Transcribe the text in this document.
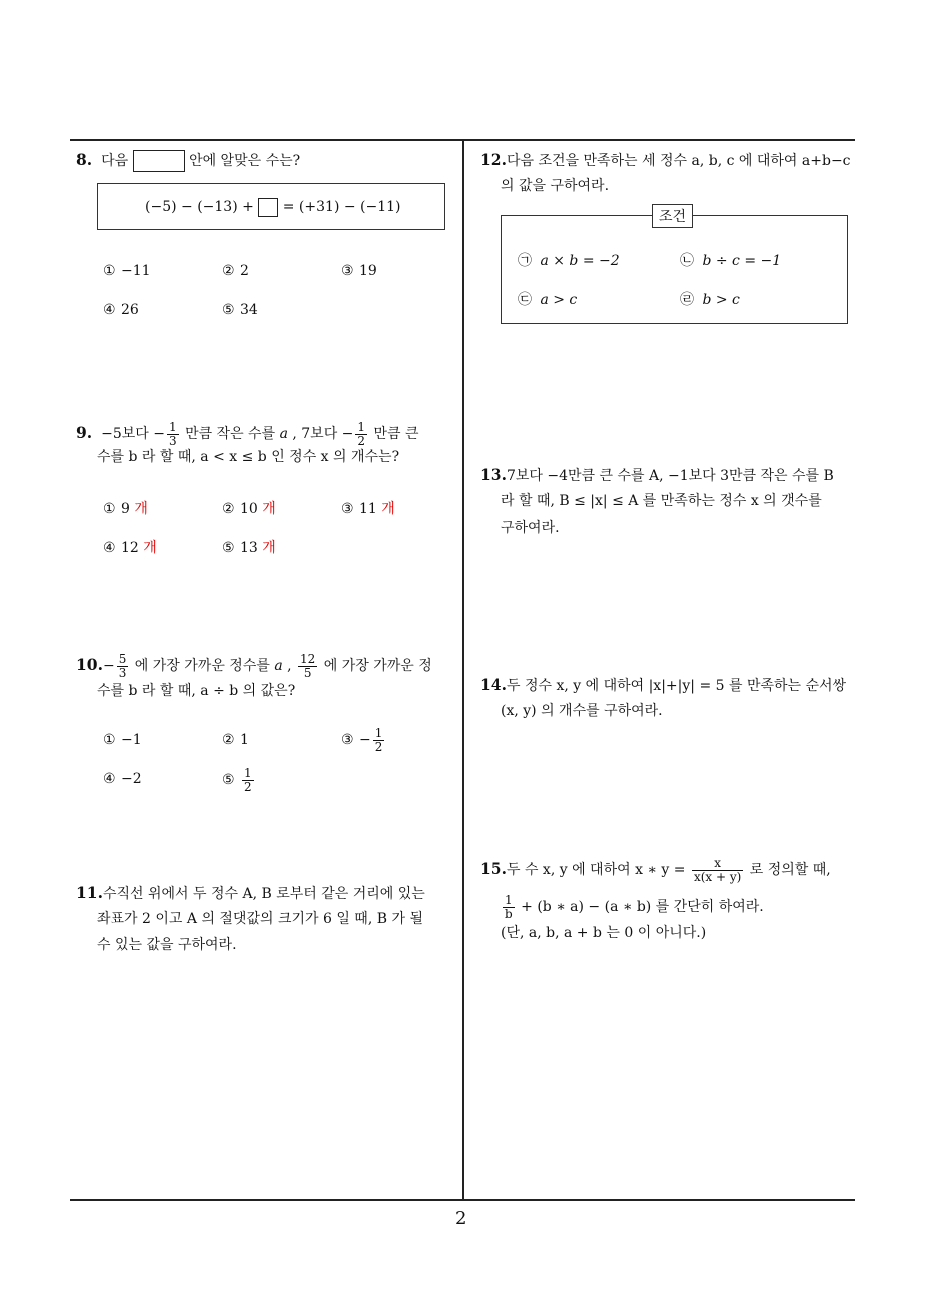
2
8. 다음	안에 알맞은 수는?
(−5) − (−13) + = (+31) − (−11)
① −11	② 2	③ 19
④ 26	⑤ 34
9. −5보다 − $\frac{1}{3}$ 만큼 작은 수를 a , 7보다 − $\frac{1}{2}$ 만큼 큰
수를 b 라 할 때, a < x ≤ b 인 정수 x 의 개수는?
① 9 개	② 10 개	③ 11 개
④ 12 개	⑤ 13 개
$10.- \frac{5}{3}$ 에 가장 가까운 정수를 a , $\frac{12}{5}$ 에 가장 가까운 정
수를 b 라 할 때, a ÷ b 의 값은?
① −1	② 1	③ − $\frac{1}{2}$
④ −2	⑤ $\frac{1}{2}$
11.수직선 위에서 두 정수 A, B 로부터 같은 거리에 있는
좌표가 2 이고 A 의 절댓값의 크기가 6 일 때, B 가 될
수 있는 값을 구하여라.
12.다음 조건을 만족하는 세 정수 a, b, c 에 대하여 a+b−c
의 값을 구하여라.
조건
㉠ a × b = −2	㉡ b ÷ c = −1
㉢ a > c	㉣ b > c
13.7보다 −4만큼 큰 수를 A, −1보다 3만큼 작은 수를 B
라 할 때, B ≤ |x| ≤ A 를 만족하는 정수 x 의 갯수를
구하여라.
14.두 정수 x, y 에 대하여 |x|+|y| = 5 를 만족하는 순서쌍
(x, y) 의 개수를 구하여라.
15.두 수 x, y 에 대하여 x ∗ $y = \frac{x}{x(x + y)}$ 로 정의할 때,
$\frac{1}{b} + (b$ ∗ a) − (a ∗ b) 를 간단히 하여라.
(단, a, b, a + b 는 0 이 아니다.)
